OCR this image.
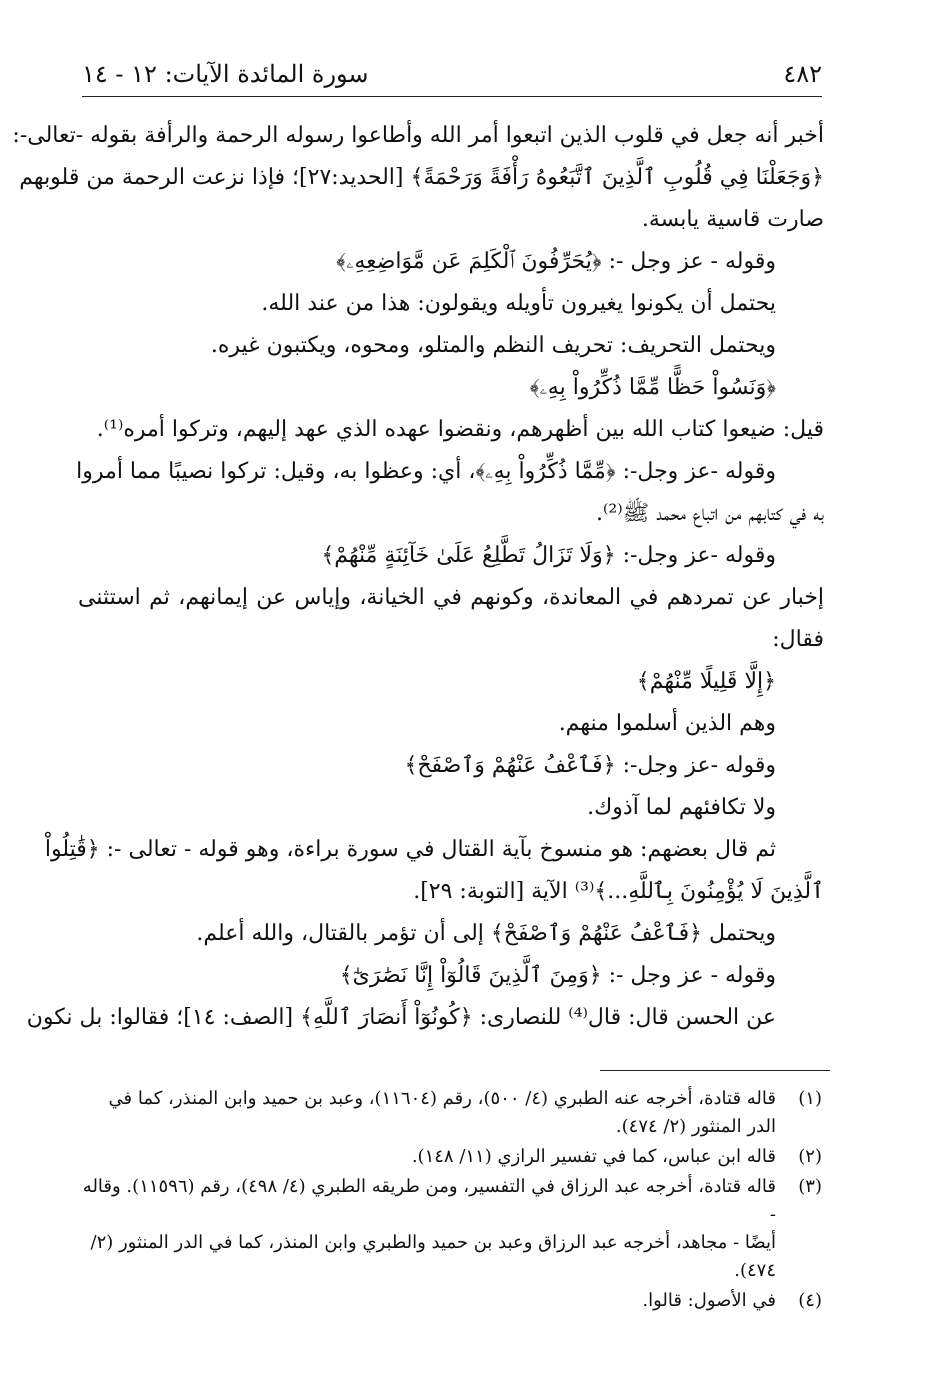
٤٨٢
سورة المائدة الآيات: ١٢ - ١٤
أخبر أنه جعل في قلوب الذين اتبعوا أمر الله وأطاعوا رسوله الرحمة والرأفة بقوله -تعالى-:
﴿وَجَعَلْنَا فِي قُلُوبِ ٱلَّذِينَ ٱتَّبَعُوهُ رَأْفَةً وَرَحْمَةً﴾ [الحديد:٢٧]؛ فإذا نزعت الرحمة من قلوبهم
صارت قاسية يابسة.
وقوله - عز وجل -: ﴿يُحَرِّفُونَ ٱلْكَلِمَ عَن مَّوَاضِعِهِۦ﴾
يحتمل أن يكونوا يغيرون تأويله ويقولون: هذا من عند الله.
ويحتمل التحريف: تحريف النظم والمتلو، ومحوه، ويكتبون غيره.
﴿وَنَسُواْ حَظًّا مِّمَّا ذُكِّرُواْ بِهِۦ﴾
قيل: ضيعوا كتاب الله بين أظهرهم، ونقضوا عهده الذي عهد إليهم، وتركوا أمره⁽¹⁾.
وقوله -عز وجل-: ﴿مِّمَّا ذُكِّرُواْ بِهِۦ﴾، أي: وعظوا به، وقيل: تركوا نصيبًا مما أمروا
به في كتابهم من اتباع محمد ﷺ⁽²⁾.
وقوله -عز وجل-: ﴿وَلَا تَزَالُ تَطَّلِعُ عَلَىٰ خَآئِنَةٍ مِّنْهُمْ﴾
إخبار عن تمردهم في المعاندة، وكونهم في الخيانة، وإياس عن إيمانهم، ثم استثنى
فقال:
﴿إِلَّا قَلِيلًا مِّنْهُمْ﴾
وهم الذين أسلموا منهم.
وقوله -عز وجل-: ﴿فَٱعْفُ عَنْهُمْ وَٱصْفَحْ﴾
ولا تكافئهم لما آذوك.
ثم قال بعضهم: هو منسوخ بآية القتال في سورة براءة، وهو قوله - تعالى -: ﴿قَٰتِلُواْ
ٱلَّذِينَ لَا يُؤْمِنُونَ بِٱللَّهِ...﴾⁽³⁾ الآية [التوبة: ٢٩].
ويحتمل ﴿فَٱعْفُ عَنْهُمْ وَٱصْفَحْ﴾ إلى أن تؤمر بالقتال، والله أعلم.
وقوله - عز وجل -: ﴿وَمِنَ ٱلَّذِينَ قَالُوٓاْ إِنَّا نَصَٰرَىٰٓ﴾
عن الحسن قال: قال⁽⁴⁾ للنصارى: ﴿كُونُوٓاْ أَنصَارَ ٱللَّهِ﴾ [الصف: ١٤]؛ فقالوا: بل نكون
(١)
قاله قتادة، أخرجه عنه الطبري (٤/ ٥٠٠)، رقم (١١٦٠٤)، وعبد بن حميد وابن المنذر، كما في
الدر المنثور (٢/ ٤٧٤).
(٢)
قاله ابن عباس، كما في تفسير الرازي (١١/ ١٤٨).
(٣)
قاله قتادة، أخرجه عبد الرزاق في التفسير، ومن طريقه الطبري (٤/ ٤٩٨)، رقم (١١٥٩٦). وقاله -
أيضًا - مجاهد، أخرجه عبد الرزاق وعبد بن حميد والطبري وابن المنذر، كما في الدر المنثور (٢/
٤٧٤).
(٤)
في الأصول: قالوا.
